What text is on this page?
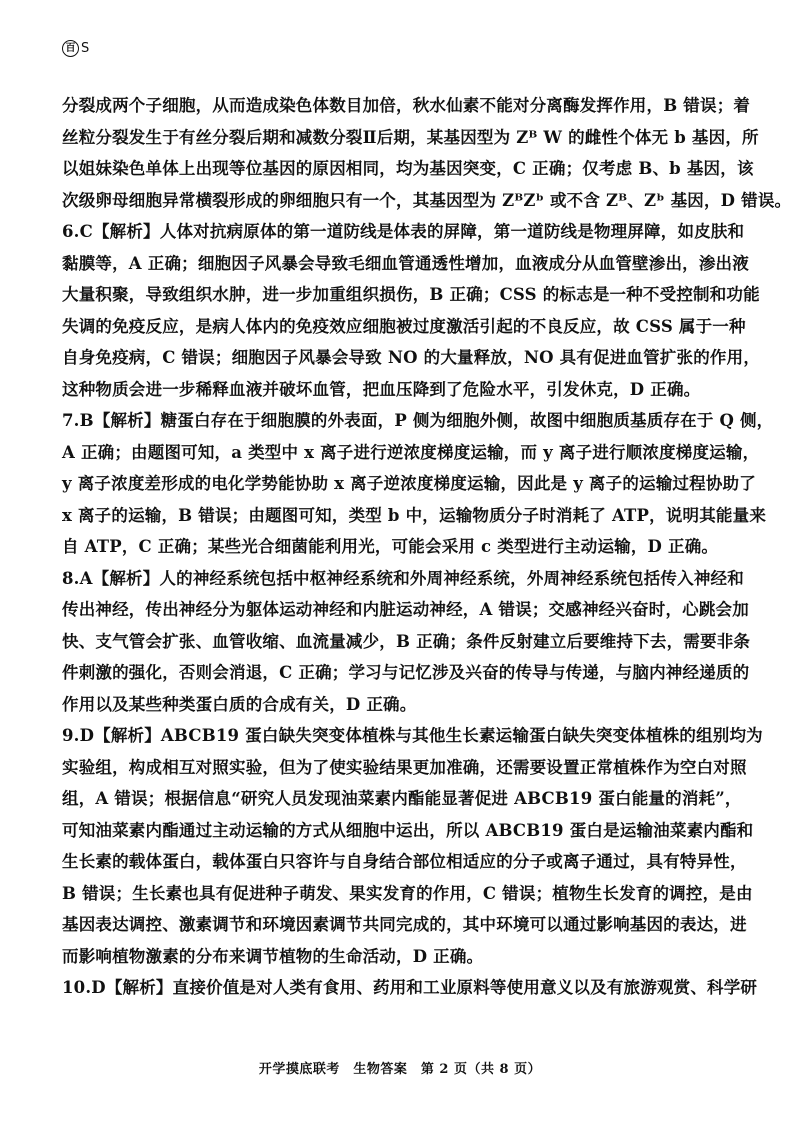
百 S
分裂成两个子细胞，从而造成染色体数目加倍，秋水仙素不能对分离酶发挥作用，B 错误；着
丝粒分裂发生于有丝分裂后期和减数分裂Ⅱ后期，某基因型为 Zᴮ W 的雌性个体无 b 基因，所
以姐妹染色单体上出现等位基因的原因相同，均为基因突变，C 正确；仅考虑 B、b 基因，该
次级卵母细胞异常横裂形成的卵细胞只有一个，其基因型为 ZᴮZᵇ 或不含 Zᴮ、Zᵇ 基因，D 错误。
6.C【解析】人体对抗病原体的第一道防线是体表的屏障，第一道防线是物理屏障，如皮肤和
黏膜等，A 正确；细胞因子风暴会导致毛细血管通透性增加，血液成分从血管壁渗出，渗出液
大量积聚，导致组织水肿，进一步加重组织损伤，B 正确；CSS 的标志是一种不受控制和功能
失调的免疫反应，是病人体内的免疫效应细胞被过度激活引起的不良反应，故 CSS 属于一种
自身免疫病，C 错误；细胞因子风暴会导致 NO 的大量释放，NO 具有促进血管扩张的作用，
这种物质会进一步稀释血液并破坏血管，把血压降到了危险水平，引发休克，D 正确。
7.B【解析】糖蛋白存在于细胞膜的外表面，P 侧为细胞外侧，故图中细胞质基质存在于 Q 侧，
A 正确；由题图可知，a 类型中 x 离子进行逆浓度梯度运输，而 y 离子进行顺浓度梯度运输，
y 离子浓度差形成的电化学势能协助 x 离子逆浓度梯度运输，因此是 y 离子的运输过程协助了
x 离子的运输，B 错误；由题图可知，类型 b 中，运输物质分子时消耗了 ATP，说明其能量来
自 ATP，C 正确；某些光合细菌能利用光，可能会采用 c 类型进行主动运输，D 正确。
8.A【解析】人的神经系统包括中枢神经系统和外周神经系统，外周神经系统包括传入神经和
传出神经，传出神经分为躯体运动神经和内脏运动神经，A 错误；交感神经兴奋时，心跳会加
快、支气管会扩张、血管收缩、血流量减少，B 正确；条件反射建立后要维持下去，需要非条
件刺激的强化，否则会消退，C 正确；学习与记忆涉及兴奋的传导与传递，与脑内神经递质的
作用以及某些种类蛋白质的合成有关，D 正确。
9.D【解析】ABCB19 蛋白缺失突变体植株与其他生长素运输蛋白缺失突变体植株的组别均为
实验组，构成相互对照实验，但为了使实验结果更加准确，还需要设置正常植株作为空白对照
组，A 错误；根据信息“研究人员发现油菜素内酯能显著促进 ABCB19 蛋白能量的消耗”，
可知油菜素内酯通过主动运输的方式从细胞中运出，所以 ABCB19 蛋白是运输油菜素内酯和
生长素的载体蛋白，载体蛋白只容许与自身结合部位相适应的分子或离子通过，具有特异性，
B 错误；生长素也具有促进种子萌发、果实发育的作用，C 错误；植物生长发育的调控，是由
基因表达调控、激素调节和环境因素调节共同完成的，其中环境可以通过影响基因的表达，进
而影响植物激素的分布来调节植物的生命活动，D 正确。
10.D【解析】直接价值是对人类有食用、药用和工业原料等使用意义以及有旅游观赏、科学研
开学摸底联考　生物答案　第 2 页（共 8 页）
